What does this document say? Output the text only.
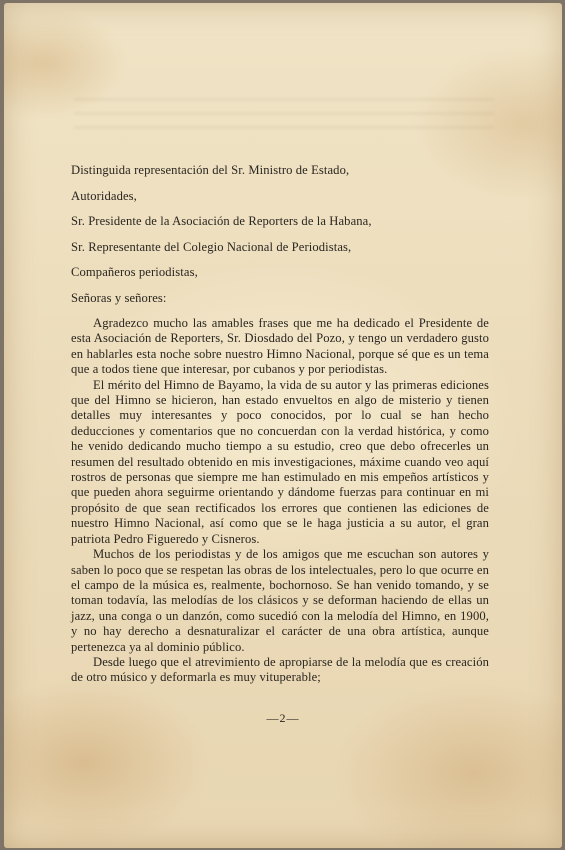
Distinguida representación del Sr. Ministro de Estado,

Autoridades,

Sr. Presidente de la Asociación de Reporters de la Habana,

Sr. Representante del Colegio Nacional de Periodistas,

Compañeros periodistas,

Señoras y señores:

Agradezco mucho las amables frases que me ha dedicado el Presidente de esta Asociación de Reporters, Sr. Diosdado del Pozo, y tengo un verdadero gusto en hablarles esta noche sobre nuestro Himno Nacional, porque sé que es un tema que a todos tiene que interesar, por cubanos y por periodistas.

El mérito del Himno de Bayamo, la vida de su autor y las primeras ediciones que del Himno se hicieron, han estado envueltos en algo de misterio y tienen detalles muy interesantes y poco conocidos, por lo cual se han hecho deducciones y comentarios que no concuerdan con la verdad histórica, y como he venido dedicando mucho tiempo a su estudio, creo que debo ofrecerles un resumen del resultado obtenido en mis investigaciones, máxime cuando veo aquí rostros de personas que siempre me han estimulado en mis empeños artísticos y que pueden ahora seguirme orientando y dándome fuerzas para continuar en mi propósito de que sean rectificados los errores que contienen las ediciones de nuestro Himno Nacional, así como que se le haga justicia a su autor, el gran patriota Pedro Figueredo y Cisneros.

Muchos de los periodistas y de los amigos que me escuchan son autores y saben lo poco que se respetan las obras de los intelectuales, pero lo que ocurre en el campo de la música es, realmente, bochornoso. Se han venido tomando, y se toman todavía, las melodías de los clásicos y se deforman haciendo de ellas un jazz, una conga o un danzón, como sucedió con la melodía del Himno, en 1900, y no hay derecho a desnaturalizar el carácter de una obra artística, aunque pertenezca ya al dominio público.

Desde luego que el atrevimiento de apropiarse de la melodía que es creación de otro músico y deformarla es muy vituperable;

—2—
